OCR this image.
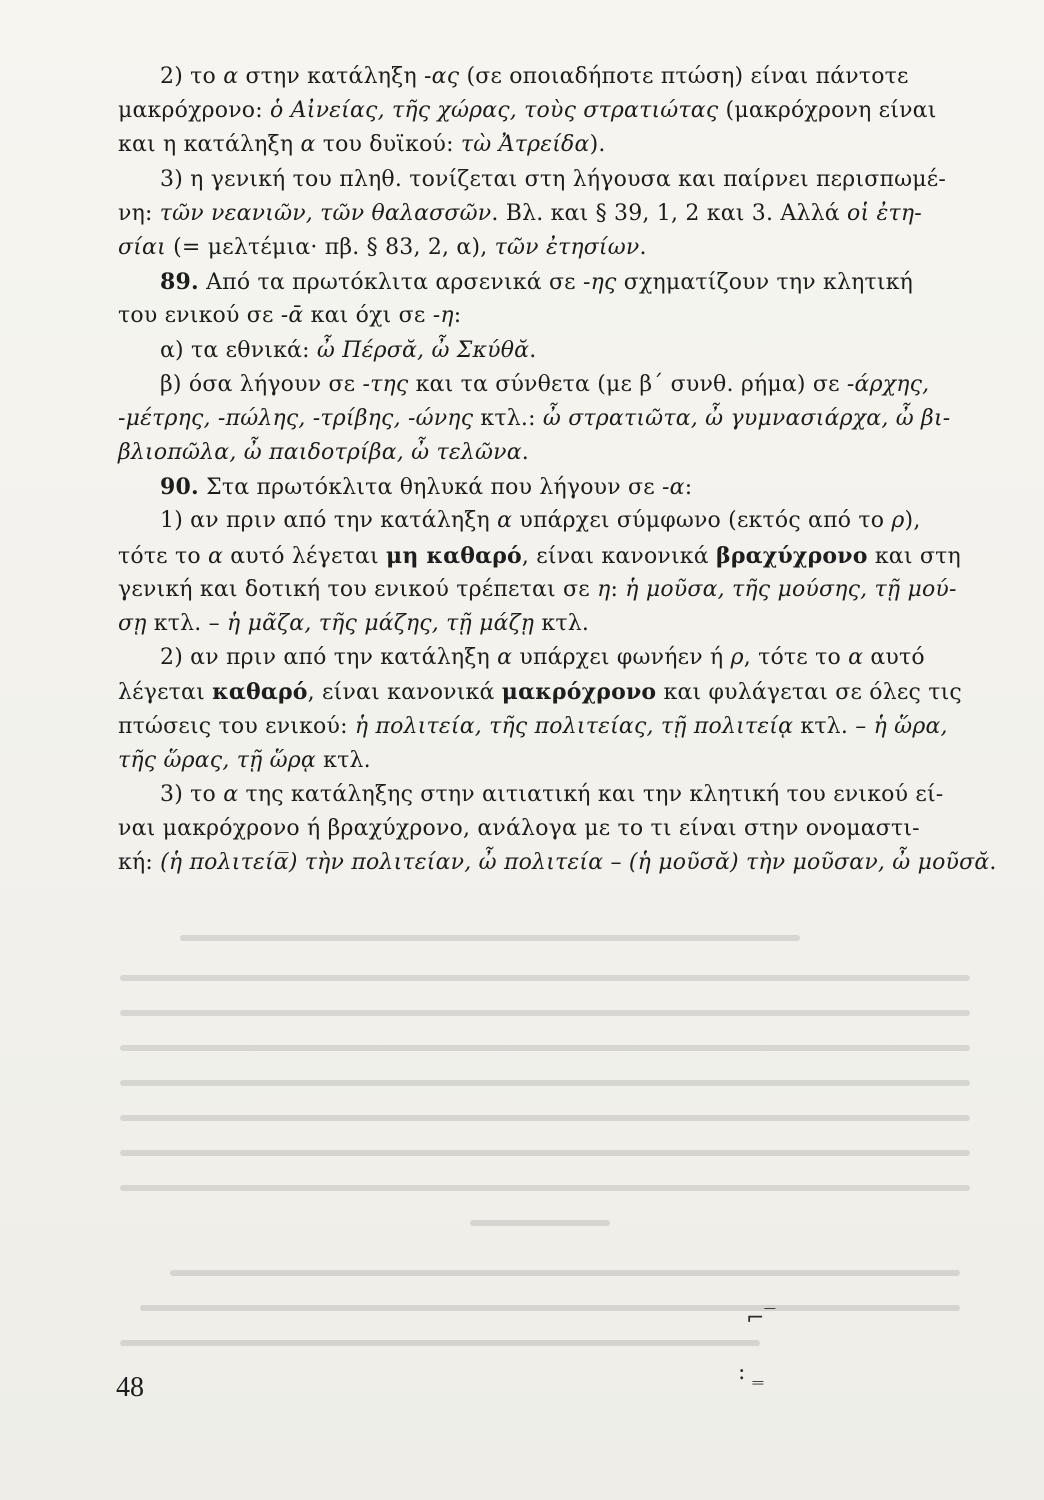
2) το α στην κατάληξη -ας (σε οποιαδήποτε πτώση) είναι πάντοτε
μακρόχρονο: ὁ Αἰνείας, τῆς χώρας, τοὺς στρατιώτας (μακρόχρονη είναι
και η κατάληξη α του δυϊκού: τὼ Ἀτρείδα).
3) η γενική του πληθ. τονίζεται στη λήγουσα και παίρνει περισπωμέ-
νη: τῶν νεανιῶν, τῶν θαλασσῶν. Βλ. και § 39, 1, 2 και 3. Αλλά οἱ ἐτη-
σίαι (= μελτέμια· πβ. § 83, 2, α), τῶν ἐτησίων.
89. Από τα πρωτόκλιτα αρσενικά σε -ης σχηματίζουν την κλητική
του ενικού σε -ᾱ και όχι σε -η:
α) τα εθνικά: ὦ Πέρσᾰ, ὦ Σκύθᾰ.
β) όσα λήγουν σε -της και τα σύνθετα (με β΄ συνθ. ρήμα) σε -άρχης,
-μέτρης, -πώλης, -τρίβης, -ώνης κτλ.: ὦ στρατιῶτα, ὦ γυμνασιάρχα, ὦ βι-
βλιοπῶλα, ὦ παιδοτρίβα, ὦ τελῶνα.
90. Στα πρωτόκλιτα θηλυκά που λήγουν σε -α:
1) αν πριν από την κατάληξη α υπάρχει σύμφωνο (εκτός από το ρ),
τότε το α αυτό λέγεται μη καθαρό, είναι κανονικά βραχύχρονο και στη
γενική και δοτική του ενικού τρέπεται σε η: ἡ μοῦσα, τῆς μούσης, τῇ μού-
σῃ κτλ. – ἡ μᾶζα, τῆς μάζης, τῇ μάζῃ κτλ.
2) αν πριν από την κατάληξη α υπάρχει φωνήεν ή ρ, τότε το α αυτό
λέγεται καθαρό, είναι κανονικά μακρόχρονο και φυλάγεται σε όλες τις
πτώσεις του ενικού: ἡ πολιτεία, τῆς πολιτείας, τῇ πολιτείᾳ κτλ. – ἡ ὥρα,
τῆς ὥρας, τῇ ὥρᾳ κτλ.
3) το α της κατάληξης στην αιτιατική και την κλητική του ενικού εί-
ναι μακρόχρονο ή βραχύχρονο, ανάλογα με το τι είναι στην ονομαστι-
κή: (ἡ πολιτεία̅) τὴν πολιτείαν, ὦ πολιτεία – (ἡ μοῦσᾰ) τὴν μοῦσαν, ὦ μοῦσᾰ.
⌐‾
: ‗
48
